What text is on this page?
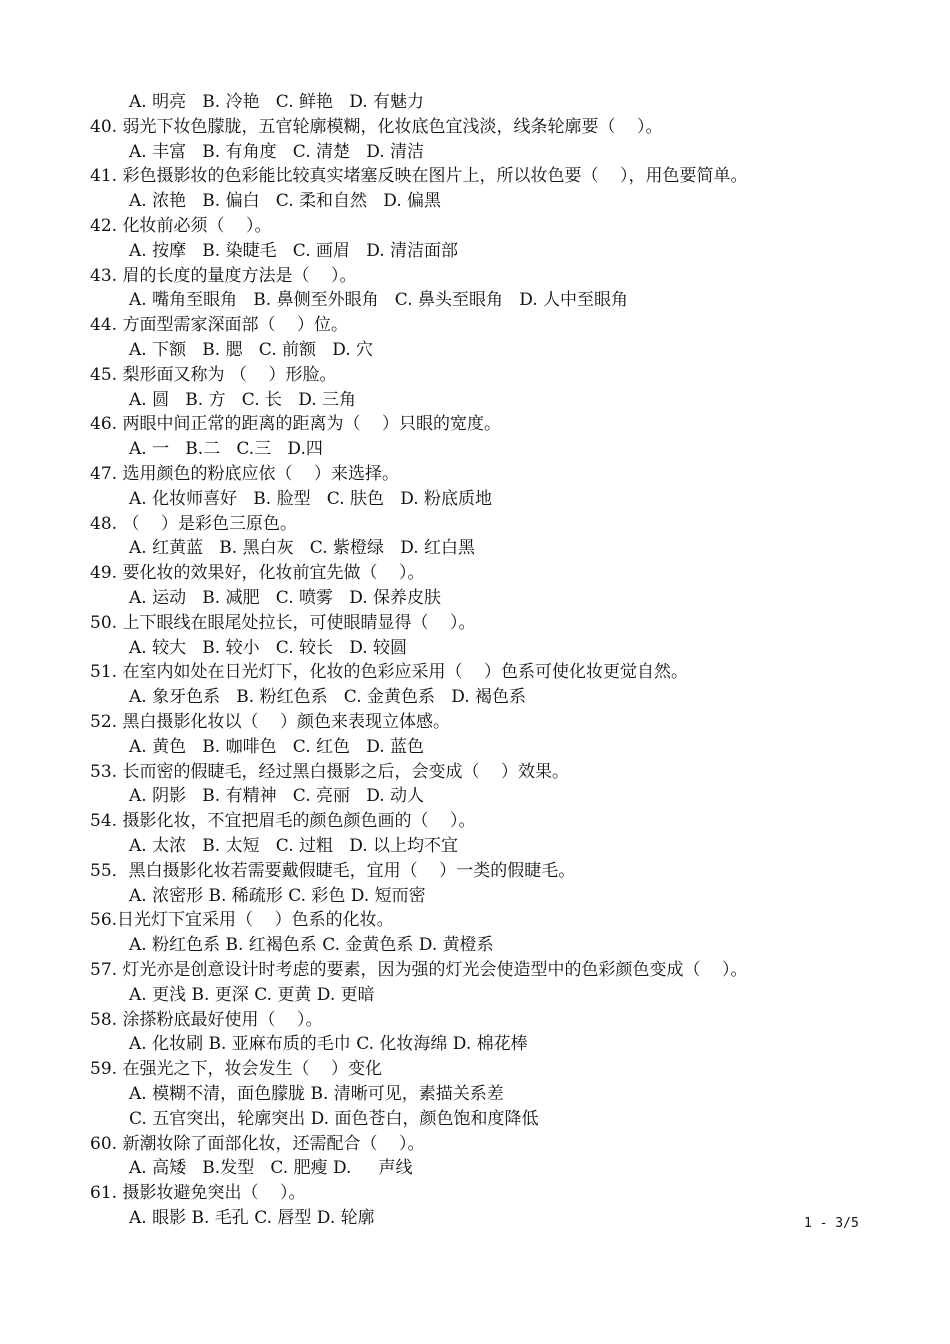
A. 明亮   B. 冷艳   C. 鲜艳   D. 有魅力
40. 弱光下妆色朦胧，五官轮廓模糊，化妆底色宜浅淡，线条轮廓要（    ）。
A. 丰富   B. 有角度   C. 清楚   D. 清洁
41. 彩色摄影妆的色彩能比较真实堵塞反映在图片上，所以妆色要（    ），用色要简单。
A. 浓艳   B. 偏白   C. 柔和自然   D. 偏黑
42. 化妆前必须（    ）。
A. 按摩   B. 染睫毛   C. 画眉   D. 清洁面部
43. 眉的长度的量度方法是（    ）。
A. 嘴角至眼角   B. 鼻侧至外眼角   C. 鼻头至眼角   D. 人中至眼角
44. 方面型需家深面部（    ）位。
A. 下额   B. 腮   C. 前额   D. 穴
45. 梨形面又称为 （    ）形脸。
A. 圆   B. 方   C. 长   D. 三角
46. 两眼中间正常的距离的距离为（    ）只眼的宽度。
A. 一   B.二   C.三   D.四
47. 选用颜色的粉底应依（    ）来选择。
A. 化妆师喜好   B. 脸型   C. 肤色   D. 粉底质地
48. （    ）是彩色三原色。
A. 红黄蓝   B. 黑白灰   C. 紫橙绿   D. 红白黑
49. 要化妆的效果好，化妆前宜先做（    ）。
A. 运动   B. 减肥   C. 喷雾   D. 保养皮肤
50. 上下眼线在眼尾处拉长，可使眼睛显得（    ）。
A. 较大   B. 较小   C. 较长   D. 较圆
51. 在室内如处在日光灯下，化妆的色彩应采用（    ）色系可使化妆更觉自然。
A. 象牙色系   B. 粉红色系   C. 金黄色系   D. 褐色系
52. 黑白摄影化妆以（    ）颜色来表现立体感。
A. 黄色   B. 咖啡色   C. 红色   D. 蓝色
53. 长而密的假睫毛，经过黑白摄影之后，会变成（    ）效果。
A. 阴影   B. 有精神   C. 亮丽   D. 动人
54. 摄影化妆，不宜把眉毛的颜色颜色画的（    ）。
A. 太浓   B. 太短   C. 过粗   D. 以上均不宜
55．黑白摄影化妆若需要戴假睫毛，宜用（    ）一类的假睫毛。
A. 浓密形 B. 稀疏形 C. 彩色 D. 短而密
56.日光灯下宜采用（    ）色系的化妆。
A. 粉红色系 B. 红褐色系 C. 金黄色系 D. 黄橙系
57. 灯光亦是创意设计时考虑的要素，因为强的灯光会使造型中的色彩颜色变成（    ）。
A. 更浅 B. 更深 C. 更黄 D. 更暗
58. 涂搽粉底最好使用（    ）。
A. 化妆刷 B. 亚麻布质的毛巾 C. 化妆海绵 D. 棉花棒
59. 在强光之下，妆会发生（    ）变化
A. 模糊不清，面色朦胧 B. 清晰可见，素描关系差
C. 五官突出，轮廓突出 D. 面色苍白，颜色饱和度降低
60. 新潮妆除了面部化妆，还需配合（    ）。
A. 高矮   B.发型   C. 肥瘦 D.     声线
61. 摄影妆避免突出（    ）。
A. 眼影 B. 毛孔 C. 唇型 D. 轮廓	1 - 3/5
